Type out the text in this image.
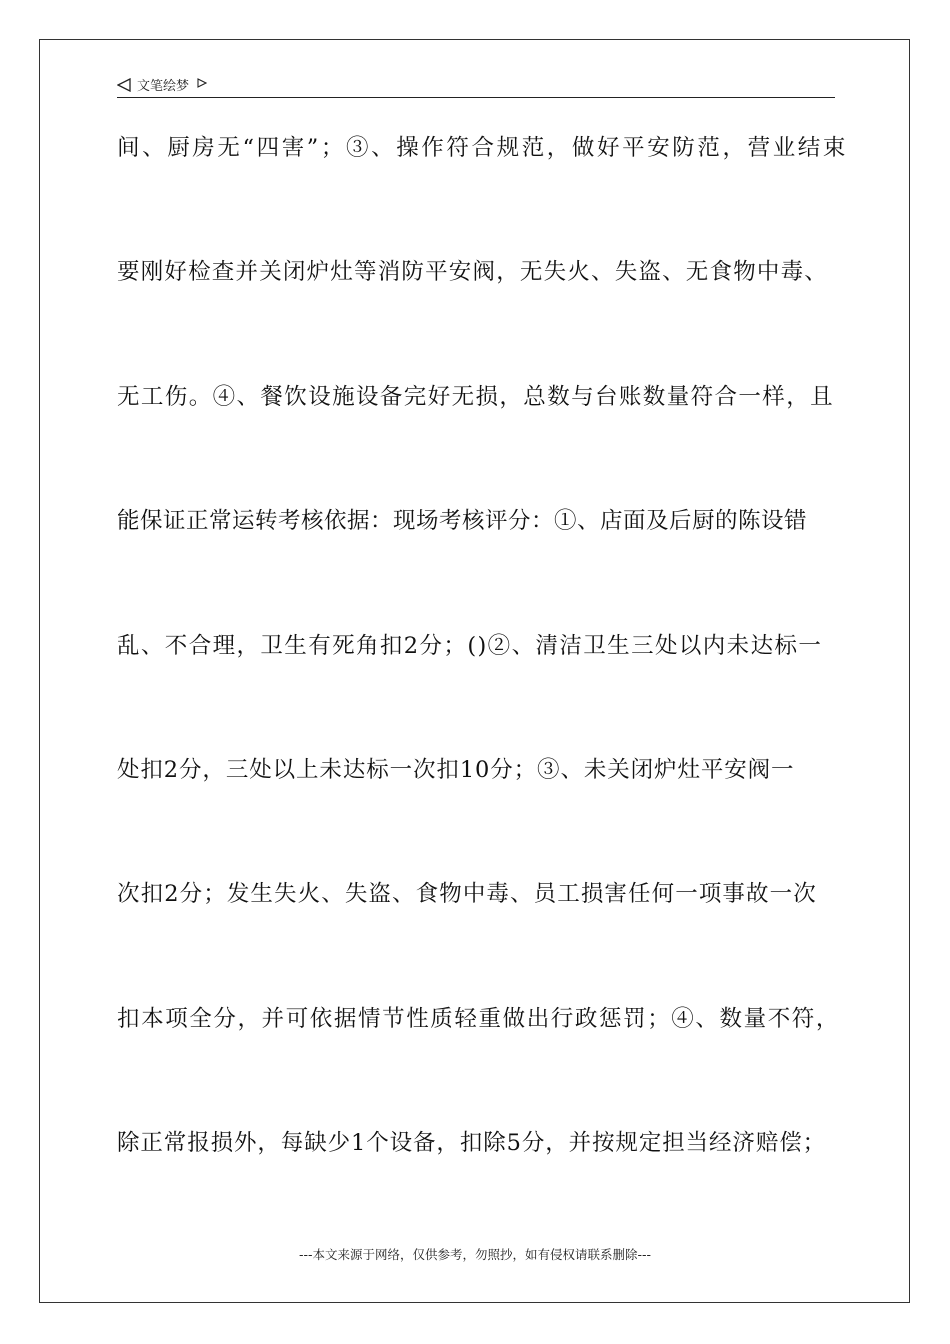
文笔绘梦
间、厨房无“四害”；③、操作符合规范，做好平安防范，营业结束
要刚好检查并关闭炉灶等消防平安阀，无失火、失盗、无食物中毒、
无工伤。④、餐饮设施设备完好无损，总数与台账数量符合一样，且
能保证正常运转考核依据：现场考核评分：①、店面及后厨的陈设错
乱、不合理，卫生有死角扣2分；()②、清洁卫生三处以内未达标一
处扣2分，三处以上未达标一次扣10分；③、未关闭炉灶平安阀一
次扣2分；发生失火、失盗、食物中毒、员工损害任何一项事故一次
扣本项全分，并可依据情节性质轻重做出行政惩罚；④、数量不符，
除正常报损外，每缺少1个设备，扣除5分，并按规定担当经济赔偿；
---本文来源于网络，仅供参考，勿照抄，如有侵权请联系删除---
